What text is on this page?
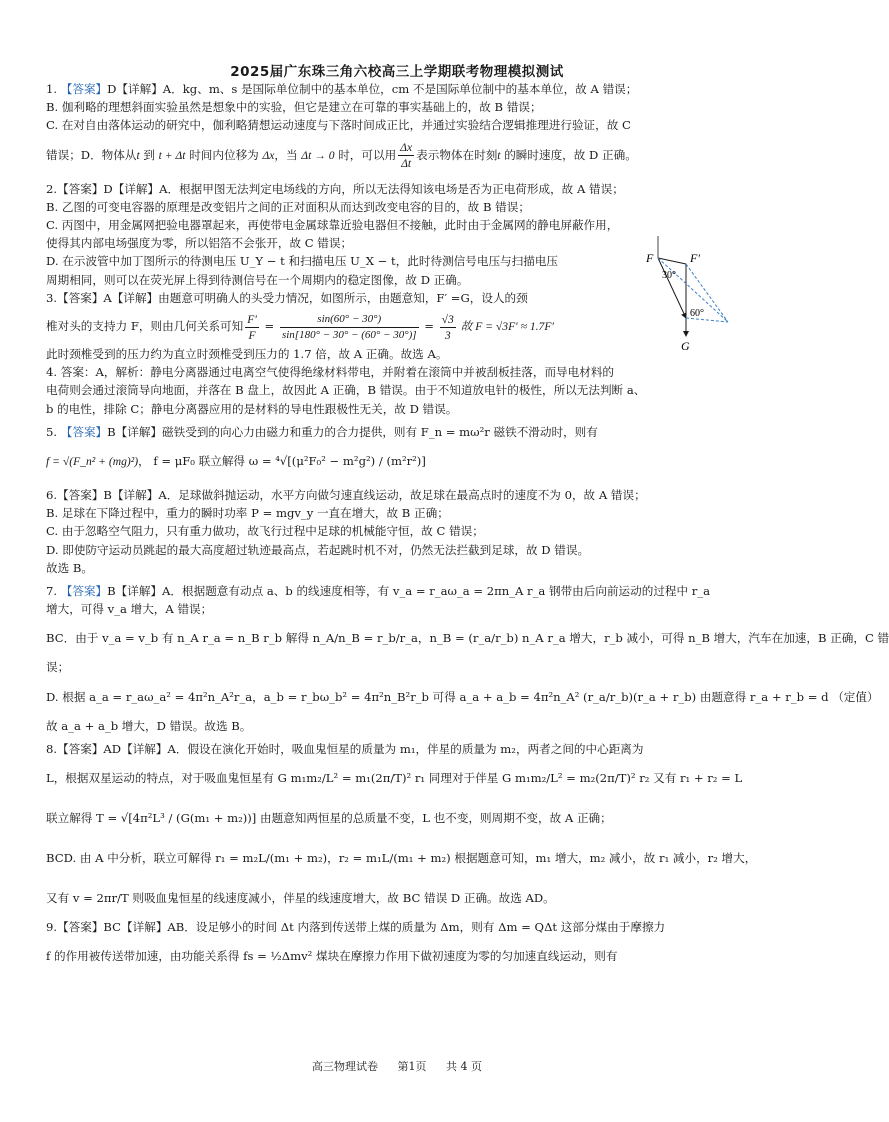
2025届广东珠三角六校高三上学期联考物理模拟测试

1. 【答案】D【详解】A．kg、m、s 是国际单位制中的基本单位，cm 不是国际单位制中的基本单位，故 A 错误；

B. 伽利略的理想斜面实验虽然是想象中的实验，但它是建立在可靠的事实基础上的，故 B 错误；

C. 在对自由落体运动的研究中，伽利略猜想运动速度与下落时间成正比，并通过实验结合逻辑推理进行验证，故 C

错误；D．物体从t 到 t + Δt 时间内位移为 Δx，当 Δt → 0 时，可以用 $\frac{\Delta x}{\Delta t}$ 表示物体在时刻t 的瞬时速度，故 D 正确。

2.【答案】D【详解】A．根据甲图无法判定电场线的方向，所以无法得知该电场是否为正电荷形成，故 A 错误；

B. 乙图的可变电容器的原理是改变铝片之间的正对面积从而达到改变电容的目的，故 B 错误；

C. 丙图中，用金属网把验电器罩起来，再使带电金属球靠近验电器但不接触，此时由于金属网的静电屏蔽作用，

使得其内部电场强度为零，所以铝箔不会张开，故 C 错误；

D. 在示波管中加丁图所示的待测电压 U_Y − t 和扫描电压 U_X − t，此时待测信号电压与扫描电压

周期相同，则可以在荧光屏上得到待测信号在一个周期内的稳定图像，故 D 正确。

3.【答案】A【详解】由题意可明确人的头受力情况，如图所示，由题意知，F′ =G，设人的颈

椎对头的支持力 F，则由几何关系可知 $\frac{F'}{F} = \frac{\sin(60^\circ - 30^\circ)}{\sin[180^\circ - 30^\circ - (60^\circ - 30^\circ)]} = \frac{√3}{3}$ 故 F = √3F′ ≈ 1.7F′

此时颈椎受到的压力约为直立时颈椎受到压力的 1.7 倍，故 A 正确。故选 A。

4. 答案：A，解析：静电分离器通过电离空气使得绝缘材料带电，并附着在滚筒中并被刮板挂落，而导电材料的

电荷则会通过滚筒导向地面，并落在 B 盘上，故因此 A 正确，B 错误。由于不知道放电针的极性，所以无法判断 a、

b 的电性，排除 C；静电分离器应用的是材料的导电性跟极性无关，故 D 错误。

5. 【答案】B【详解】磁铁受到的向心力由磁力和重力的合力提供，则有 F_n = mω²r 磁铁不滑动时，则有

f = √(F_n² + (mg)²)， f = μF₀ 联立解得 ω = ⁴√[(μ²F₀² − m²g²) / (m²r²)]

6.【答案】B【详解】A．足球做斜抛运动，水平方向做匀速直线运动，故足球在最高点时的速度不为 0，故 A 错误；

B. 足球在下降过程中，重力的瞬时功率 P = mgv_y 一直在增大，故 B 正确；

C. 由于忽略空气阻力，只有重力做功，故飞行过程中足球的机械能守恒，故 C 错误；

D. 即使防守运动员跳起的最大高度超过轨迹最高点，若起跳时机不对，仍然无法拦截到足球，故 D 错误。

故选 B。

7. 【答案】B【详解】A．根据题意有动点 a、b 的线速度相等，有 v_a = r_aω_a = 2πn_A r_a 钢带由后向前运动的过程中 r_a

增大，可得 v_a 增大，A 错误；

BC．由于 v_a = v_b 有 n_A r_a = n_B r_b 解得 n_A/n_B = r_b/r_a，n_B = (r_a/r_b) n_A r_a 增大，r_b 减小，可得 n_B 增大，汽车在加速，B 正确，C 错

误；

D. 根据 a_a = r_aω_a² = 4π²n_A²r_a，a_b = r_bω_b² = 4π²n_B²r_b 可得 a_a + a_b = 4π²n_A² (r_a/r_b)(r_a + r_b) 由题意得 r_a + r_b = d （定值）

故 a_a + a_b 增大，D 错误。故选 B。

8.【答案】AD【详解】A．假设在演化开始时，吸血鬼恒星的质量为 m₁，伴星的质量为 m₂，两者之间的中心距离为

L，根据双星运动的特点，对于吸血鬼恒星有 G m₁m₂/L² = m₁(2π/T)² r₁ 同理对于伴星 G m₁m₂/L² = m₂(2π/T)² r₂ 又有 r₁ + r₂ = L

联立解得 T = √[4π²L³ / (G(m₁ + m₂))] 由题意知两恒星的总质量不变，L 也不变，则周期不变，故 A 正确；

BCD. 由 A 中分析，联立可解得 r₁ = m₂L/(m₁ + m₂)，r₂ = m₁L/(m₁ + m₂) 根据题意可知，m₁ 增大，m₂ 减小，故 r₁ 减小，r₂ 增大，

又有 v = 2πr/T 则吸血鬼恒星的线速度减小，伴星的线速度增大，故 BC 错误 D 正确。故选 AD。

9.【答案】BC【详解】AB．设足够小的时间 Δt 内落到传送带上煤的质量为 Δm，则有 Δm = QΔt 这部分煤由于摩擦力

f 的作用被传送带加速，由功能关系得 fs = ½Δmv² 煤块在摩擦力作用下做初速度为零的匀加速直线运动，则有

F	F′
30°
60°
G
高三物理试卷 第1页 共 4 页
